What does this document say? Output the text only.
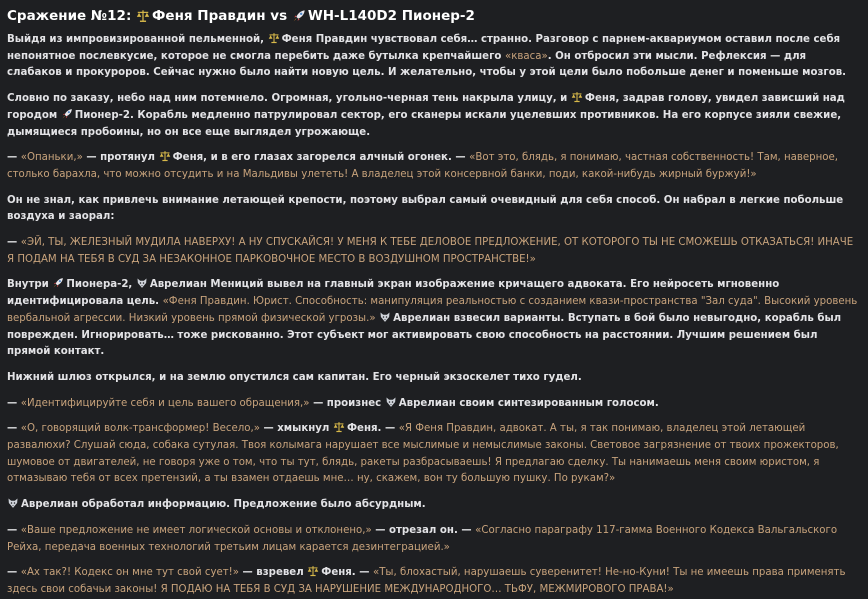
Сражение №12: Феня Правдин vs WH-L140D2 Пионер-2

Выйдя из импровизированной пельменной, Феня Правдин чувствовал себя… странно. Разговор с парнем-аквариумом оставил после себя непонятное послевкусие, которое не смогла перебить даже бутылка крепчайшего «кваса». Он отбросил эти мысли. Рефлексия — для слабаков и прокуроров. Сейчас нужно было найти новую цель. И желательно, чтобы у этой цели было побольше денег и поменьше мозгов.

Словно по заказу, небо над ним потемнело. Огромная, угольно-черная тень накрыла улицу, и Феня, задрав голову, увидел зависший над городом Пионер-2. Корабль медленно патрулировал сектор, его сканеры искали уцелевших противников. На его корпусе зияли свежие, дымящиеся пробоины, но он все еще выглядел угрожающе.

— «Опаньки,» — протянул Феня, и в его глазах загорелся алчный огонек. — «Вот это, блядь, я понимаю, частная собственность! Там, наверное, столько барахла, что можно отсудить и на Мальдивы улететь! А владелец этой консервной банки, поди, какой-нибудь жирный буржуй!»

Он не знал, как привлечь внимание летающей крепости, поэтому выбрал самый очевидный для себя способ. Он набрал в легкие побольше воздуха и заорал:

— «ЭЙ, ТЫ, ЖЕЛЕЗНЫЙ МУДИЛА НАВЕРХУ! А НУ СПУСКАЙСЯ! У МЕНЯ К ТЕБЕ ДЕЛОВОЕ ПРЕДЛОЖЕНИЕ, ОТ КОТОРОГО ТЫ НЕ СМОЖЕШЬ ОТКАЗАТЬСЯ! ИНАЧЕ Я ПОДАМ НА ТЕБЯ В СУД ЗА НЕЗАКОННОЕ ПАРКОВОЧНОЕ МЕСТО В ВОЗДУШНОМ ПРОСТРАНСТВЕ!»

Внутри Пионера-2, Аврелиан Мениций вывел на главный экран изображение кричащего адвоката. Его нейросеть мгновенно идентифицировала цель. «Феня Правдин. Юрист. Способность: манипуляция реальностью с созданием квази-пространства "Зал суда". Высокий уровень вербальной агрессии. Низкий уровень прямой физической угрозы.» Аврелиан взвесил варианты. Вступать в бой было невыгодно, корабль был поврежден. Игнорировать… тоже рискованно. Этот субъект мог активировать свою способность на расстоянии. Лучшим решением был прямой контакт.

Нижний шлюз открылся, и на землю опустился сам капитан. Его черный экзоскелет тихо гудел.

— «Идентифицируйте себя и цель вашего обращения,» — произнес Аврелиан своим синтезированным голосом.

— «О, говорящий волк-трансформер! Весело,» — хмыкнул Феня. — «Я Феня Правдин, адвокат. А ты, я так понимаю, владелец этой летающей развалюхи? Слушай сюда, собака сутулая. Твоя колымага нарушает все мыслимые и немыслимые законы. Световое загрязнение от твоих прожекторов, шумовое от двигателей, не говоря уже о том, что ты тут, блядь, ракеты разбрасываешь! Я предлагаю сделку. Ты нанимаешь меня своим юристом, я отмазываю тебя от всех претензий, а ты взамен отдаешь мне… ну, скажем, вон ту большую пушку. По рукам?»

Аврелиан обработал информацию. Предложение было абсурдным.

— «Ваше предложение не имеет логической основы и отклонено,» — отрезал он. — «Согласно параграфу 117-гамма Военного Кодекса Вальгальского Рейха, передача военных технологий третьим лицам карается дезинтеграцией.»

— «Ах так?! Кодекс он мне тут свой сует!» — взревел Феня. — «Ты, блохастый, нарушаешь суверенитет! Не-но-Куни! Ты не имеешь права применять здесь свои собачьи законы! Я ПОДАЮ НА ТЕБЯ В СУД ЗА НАРУШЕНИЕ МЕЖДУНАРОДНОГО… ТЬФУ, МЕЖМИРОВОГО ПРАВА!»
